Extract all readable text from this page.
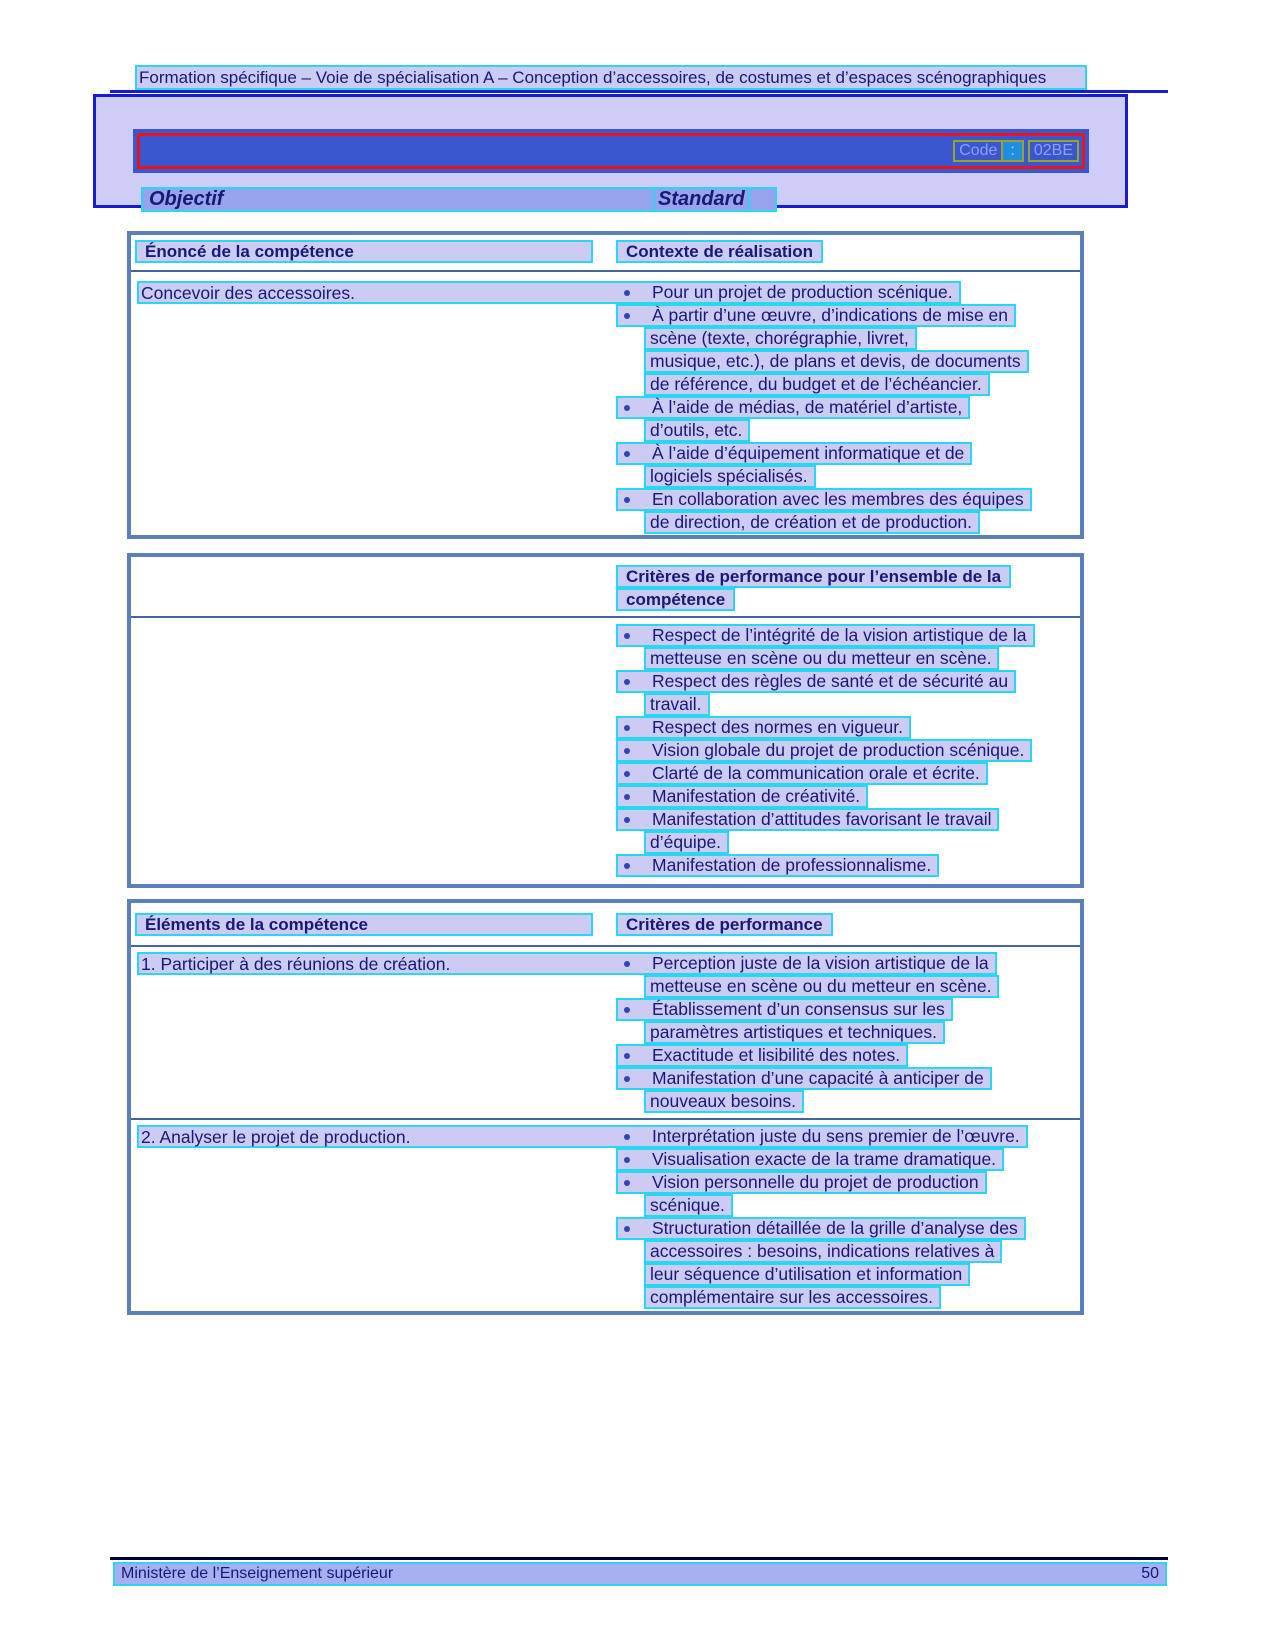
Formation spécifique – Voie de spécialisation A – Conception d’accessoires, de costumes et d’espaces scénographiques
Code :	02BE
Objectif	Standard
Énoncé de la compétence	Contexte de réalisation
Concevoir des accessoires.	Pour un projet de production scénique.
À partir d’une œuvre, d’indications de mise en
scène (texte, chorégraphie, livret,
musique, etc.), de plans et devis, de documents
de référence, du budget et de l’échéancier.
À l’aide de médias, de matériel d’artiste,
d’outils, etc.
À l’aide d’équipement informatique et de
logiciels spécialisés.
En collaboration avec les membres des équipes
de direction, de création et de production.
Critères de performance pour l’ensemble de la
compétence
Respect de l’intégrité de la vision artistique de la
metteuse en scène ou du metteur en scène.
Respect des règles de santé et de sécurité au
travail.
Respect des normes en vigueur.
Vision globale du projet de production scénique.
Clarté de la communication orale et écrite.
Manifestation de créativité.
Manifestation d’attitudes favorisant le travail
d’équipe.
Manifestation de professionnalisme.
Éléments de la compétence	Critères de performance
1. Participer à des réunions de création.	Perception juste de la vision artistique de la
metteuse en scène ou du metteur en scène.
Établissement d’un consensus sur les
paramètres artistiques et techniques.
Exactitude et lisibilité des notes.
Manifestation d’une capacité à anticiper de
nouveaux besoins.
2. Analyser le projet de production.	Interprétation juste du sens premier de l’œuvre.
Visualisation exacte de la trame dramatique.
Vision personnelle du projet de production
scénique.
Structuration détaillée de la grille d’analyse des
accessoires : besoins, indications relatives à
leur séquence d’utilisation et information
complémentaire sur les accessoires.
Ministère de l’Enseignement supérieur	50
